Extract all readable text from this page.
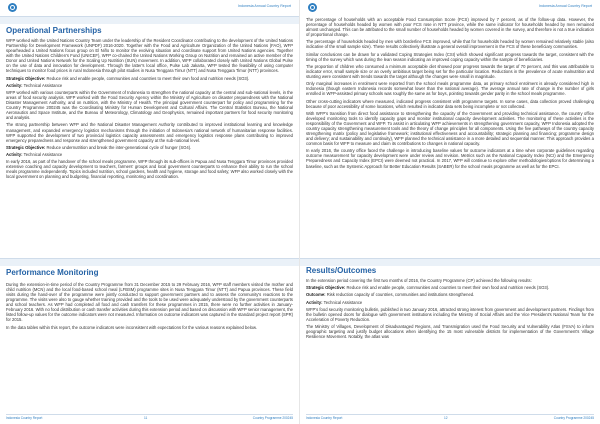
Indonesia Annual Country Report
Operational Partnerships

WFP worked with the United Nations Country Team under the leadership of the Resident Coordinator contributing to the development of the United Nations Partnership for Development Framework (UNPDF) 2016-2020. Together with the Food and Agriculture Organization of the United Nations (FAO), WFP spearheaded a United Nations focus group on El Niño to monitor the evolving situation and coordinate support from United Nations agencies. Together with the United Nations Children's Fund (UNICEF), WFP co-chaired the United Nations Working Group on Nutrition and remained an active member of the Donor and United Nations Network for the Scaling Up Nutrition (SUN) movement. In addition, WFP collaborated closely with United Nations Global Pulse on the use of data and innovation for development. Through the latter's local office, Pulse Lab Jakarta, WFP tested the feasibility of using computer techniques to monitor food prices in rural Indonesia through pilot studies in Nusa Tenggara Timur (NTT) and Nusa Tenggara Timur (NTT) provinces.

Strategic Objective: Reduce risk and enable people, communities and countries to meet their own food and nutrition needs (SO3).

Activity: Technical Assistance

WFP worked with various counterparts within the Government of Indonesia to strengthen the national capacity at the central and sub-national levels, in the areas of food security analysis. WFP worked with the Food Security Agency within the Ministry of Agriculture on disaster preparedness with the National Disaster Management Authority, and on nutrition, with the Ministry of Health. The principal government counterpart for policy and programming for the Country Programme 200245 was the Coordinating Ministry for Human Development and Cultural Affairs. The Central Statistics Bureau, the National Aeronautics and Space Institute, and the Bureau of Meteorology, Climatology and Geophysics, remained important partners for food security monitoring and analysis.

The strong partnership between WFP and the National Disaster Management Authority contributed to improved institutional learning and knowledge management, and expanded emergency logistics mechanisms through the initiation of Indonesia's national network of humanitarian response facilities. WFP supported the development of two provincial logistics capacity assessments and emergency logistics response plans contributing to improved emergency preparedness and response and strengthened government capacity at the sub-national level.

Strategic Objective: Reduce undernutrition and break the inter-generational cycle of hunger (SO4).

Activity: Technical Assistance

In early 2016, as part of the handover of the school meals programme, WFP through its sub-offices in Papua and Nusa Tenggara Timur provinces provided extensive coaching and capacity development to teachers, farmers' groups and local government counterparts to enhance their ability to run the school meals programme independently. Topics included nutrition, school gardens, health and hygiene, storage and food safety; WFP also worked closely with the local government on planning and budgeting, financial reporting, monitoring and coordination.

Performance Monitoring

During the extension-in-time period of the Country Programme from 31 December 2015 to 29 February 2016, WFP staff members visited the mother and child nutrition (MCN) and the local food-based school meal (LFBSM) programme sites in Nusa Tenggara Timur (NTT) and Papua provinces. These field visits during the hand-over of the programme were jointly conducted to support government partners and to assess the community's reactions to the programme. The visits were also to gauge whether training provided and the tools to be used were adequately understood by the government counterparts and school teachers. As WFP had completed all food and cash transfers for these programmes in 2015, there were no further activities in January-February 2016. With no food distribution or cash transfer activities during this extension period and based on discussion with WFP senior management, the listed follow-up values for the outcome indicators were not measured. Information on outcome indicators was captured in the standard project report (SPR) for 2015.

In the data tables within this report, the outcome indicators were inconsistent with expectations for the various reasons explained below.

Indonesia Country Report	11	Country Programme 200245
Indonesia Annual Country Report

The percentage of households with an acceptable Food Consumption Score (FCS) improved by 7 percent, as of the follow-up data. However, the percentage of households headed by women with poor FCS rose in NTT province, while the same indicator for households headed by men remained almost unchanged. This can be attributed to the small number of households headed by women covered in the survey, and therefore is not a true indication of proportional change.

The percentage of households headed by men with borderline FCS improved, while that for households headed by women remained relatively stable (also indicative of the small sample size). These results collectively illustrate a general overall improvement in the FCS of these beneficiary communities.

Similar conclusions can be drawn for a validated Coping Strategies Index (CSI) which showed significant progress towards the target, consistent with the timing of the survey which was during the lean season indicating an improved coping capacity within the sample of beneficiaries.

The proportion of children who consumed a minimum acceptable diet showed poor progress towards the target of 70 percent, and this was attributable to indicator error, small sample size or an overly ambitious target being set for the particular location. Reductions in the prevalence of acute malnutrition and stunting were consistent with trends towards the target although the changes were small in magnitude.

Only marginal increases in enrolment were reported from the school meals programme data, as primary school enrolment is already considered high in Indonesia (though eastern Indonesia records somewhat lower than the national average). The average annual rate of change in the number of girls enrolled in WFP-assisted primary schools was roughly the same as for boys, pointing towards gender parity in the school meals programme.

Other cross-cutting indicators where measured, indicated progress consistent with programme targets. In some cases, data collection proved challenging because of poor accessibility of some locations, which resulted in indicator data sets being incomplete or not collected.

With WFP's transition from direct food assistance to strengthening the capacity of the Government and providing technical assistance, the country office developed monitoring tools to identify capacity gaps and monitor institutional capacity development activities. The monitoring of these activities is the responsibility of the Government and WFP. To assist in articulating WFP achievements in strengthening government capacity, WFP Indonesia adopted the country capacity strengthening measurement tools and the theory of change principles for all components. Using the five pathways of the country capacity strengthening matrix (policy and legislative framework; institutional effectiveness and accountability; strategic planning and financing; programme design and delivery; and sustainability and continuity), WFP planned the technical assistance in a more detailed and sequential manner. This approach provides a common basis for WFP to measure and claim its contributions to changes in national capacity.

In early 2016, the country office faced the challenge in introducing baseline values for outcome indicators at a time when corporate guidelines regarding outcome measurement for capacity development were under review and revision. Metrics such as the National Capacity Index (NCI) and the Emergency Preparedness and Capacity Index (EPCI) were deemed not practical. In 2017, WFP will continue to explore other methodologies/options for determining a baseline, such as the Systemic Approach for Better Education Results (SABER) for the school meals programme as well as for the EPCI.

Results/Outcomes

In the extension period covering the first two months of 2016, the Country Programme (CP) achieved the following results:

Strategic Objective: Reduce risk and enable people, communities and countries to meet their own food and nutrition needs (SO3).

Outcome: Risk reduction capacity of countries, communities and institutions strengthened.

Activity: Technical Assistance

WFP's food security monitoring bulletin, published in two January 2016, attracted strong interest from government and development partners. Findings from the bulletin opened doors for dialogue with government institutions including the Ministry of Social Affairs and the Vice President's National Team for the Acceleration of Poverty Reduction.

The Ministry of Villages, Development of Disadvantaged Regions, and Transmigration used the Food Security and Vulnerability Atlas (FSVA) to inform geographic targeting and justify budget allocations when identifying the 15 most vulnerable districts for implementation of the Government's Village Resilience Movement. Notably, the atlas was

Indonesia Country Report	12	Country Programme 200245
